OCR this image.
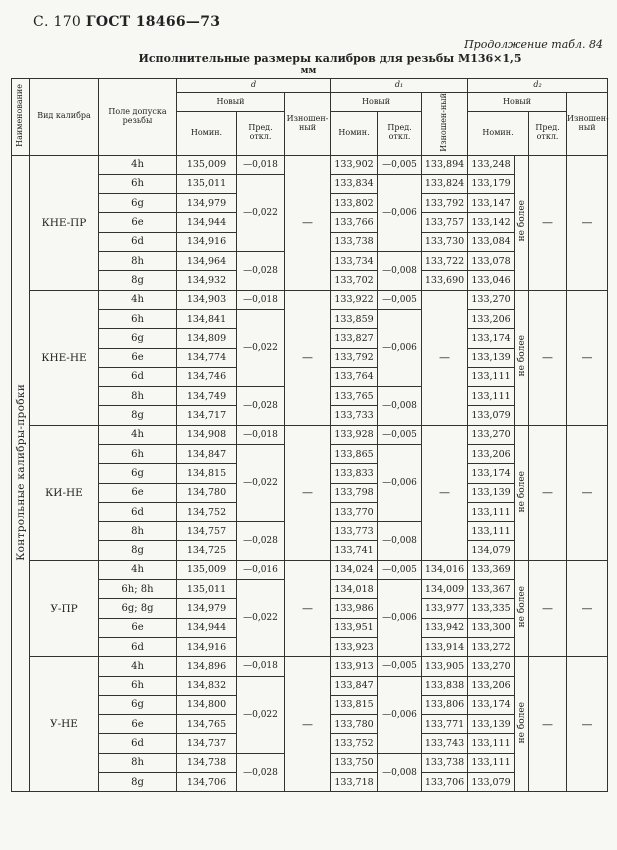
С. 170 ГОСТ 18466—73
Продолжение табл. 84
Исполнительные размеры калибров для резьбы М136×1,5
мм
Наименование	Вид калибра	Поле допуска резьбы	d			d₁			d₂			
			Новый		Изношен-ный	Новый		Изношен-ный	Новый			Изношен-ный
			Номин.	Пред. откл.		Номин.	Пред. откл.		Номин.		Пред. откл.	
Контрольные калибры-пробки	КНЕ-ПР	4h	135,009	—0,018	—	133,902	—0,005	133,894	133,248	не более	—	—
		6h	135,011	—0,022		133,834	—0,006	133,824	133,179			
		6g	134,979			133,802		133,792	133,147			
		6e	134,944			133,766		133,757	133,142			
		6d	134,916			133,738		133,730	133,084			
		8h	134,964	—0,028		133,734	—0,008	133,722	133,078			
		8g	134,932			133,702		133,690	133,046			
	КНЕ-НЕ	4h	134,903	—0,018	—	133,922	—0,005	—	133,270	не более	—	—
		6h	134,841	—0,022		133,859	—0,006		133,206			
		6g	134,809			133,827			133,174			
		6e	134,774			133,792			133,139			
		6d	134,746			133,764			133,111			
		8h	134,749	—0,028		133,765	—0,008		133,111			
		8g	134,717			133,733			133,079			
	КИ-НЕ	4h	134,908	—0,018	—	133,928	—0,005	—	133,270	не более	—	—
		6h	134,847	—0,022		133,865	—0,006		133,206			
		6g	134,815			133,833			133,174			
		6e	134,780			133,798			133,139			
		6d	134,752			133,770			133,111			
		8h	134,757	—0,028		133,773	—0,008		133,111			
		8g	134,725			133,741			134,079			
	У-ПР	4h	135,009	—0,016	—	134,024	—0,005	134,016	133,369	не более	—	—
		6h; 8h	135,011	—0,022		134,018	—0,006	134,009	133,367			
		6g; 8g	134,979			133,986		133,977	133,335			
		6e	134,944			133,951		133,942	133,300			
		6d	134,916			133,923		133,914	133,272			
	У-НЕ	4h	134,896	—0,018	—	133,913	—0,005	133,905	133,270	не более	—	—
		6h	134,832	—0,022		133,847	—0,006	133,838	133,206			
		6g	134,800			133,815		133,806	133,174			
		6e	134,765			133,780		133,771	133,139			
		6d	134,737			133,752		133,743	133,111			
		8h	134,738	—0,028		133,750	—0,008	133,738	133,111			
		8g	134,706			133,718		133,706	133,079			
